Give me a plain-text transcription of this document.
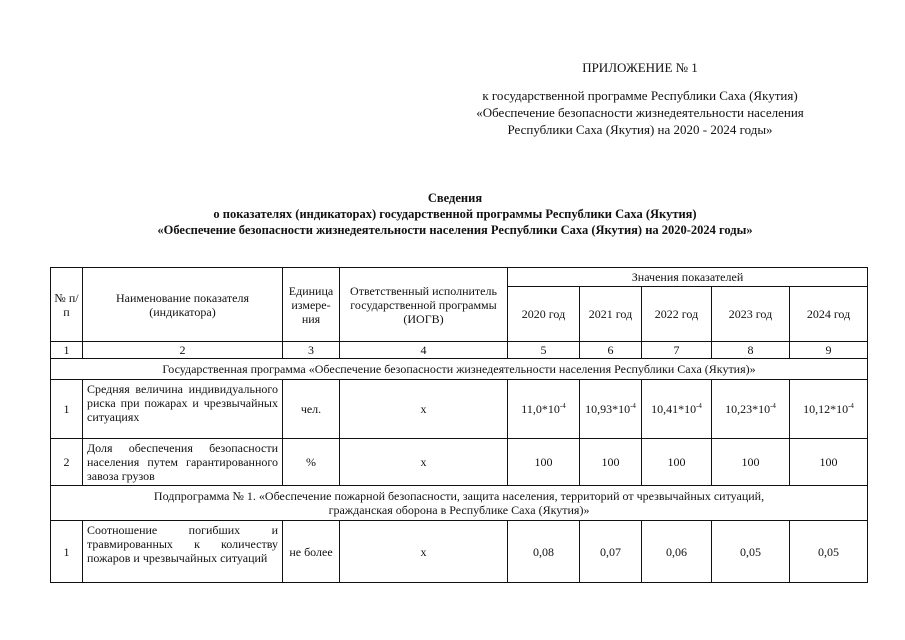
ПРИЛОЖЕНИЕ № 1
к государственной программе Республики Саха (Якутия)
«Обеспечение безопасности жизнедеятельности населения
Республики Саха (Якутия) на 2020 - 2024 годы»
Сведения
о показателях (индикаторах) государственной программы Республики Саха (Якутия)
«Обеспечение безопасности жизнедеятельности населения Республики Саха (Якутия) на 2020-2024 годы»
№ п/п	Наименование показателя (индикатора)	Единица измере-ния	Ответственный исполнитель государственной программы (ИОГВ)	Значения показателей				
				2020 год	2021 год	2022 год	2023 год	2024 год
1	2	3	4	5	6	7	8	9

Государственная программа «Обеспечение безопасности жизнедеятельности населения Республики Саха (Якутия)»								

1	Средняя величина индивидуального риска при пожарах и чрезвычайных ситуациях	чел.	х	$11,0*10^{-4}$	$10,93*10^{-4}$	$10,41*10^{-4}$	$10,23*10^{-4}$	$10,12*10^{-4}$
2	Доля обеспечения безопасности населения путем гарантированного завоза грузов	%	х	100	100	100	100	100

Подпрограмма № 1. «Обеспечение пожарной безопасности, защита населения, территорий от чрезвычайных ситуаций,
гражданская оборона в Республике Саха (Якутия)»								

1	Соотношение погибших и травмированных к количеству пожаров и чрезвычайных ситуаций	не более	х	0,08	0,07	0,06	0,05	0,05
